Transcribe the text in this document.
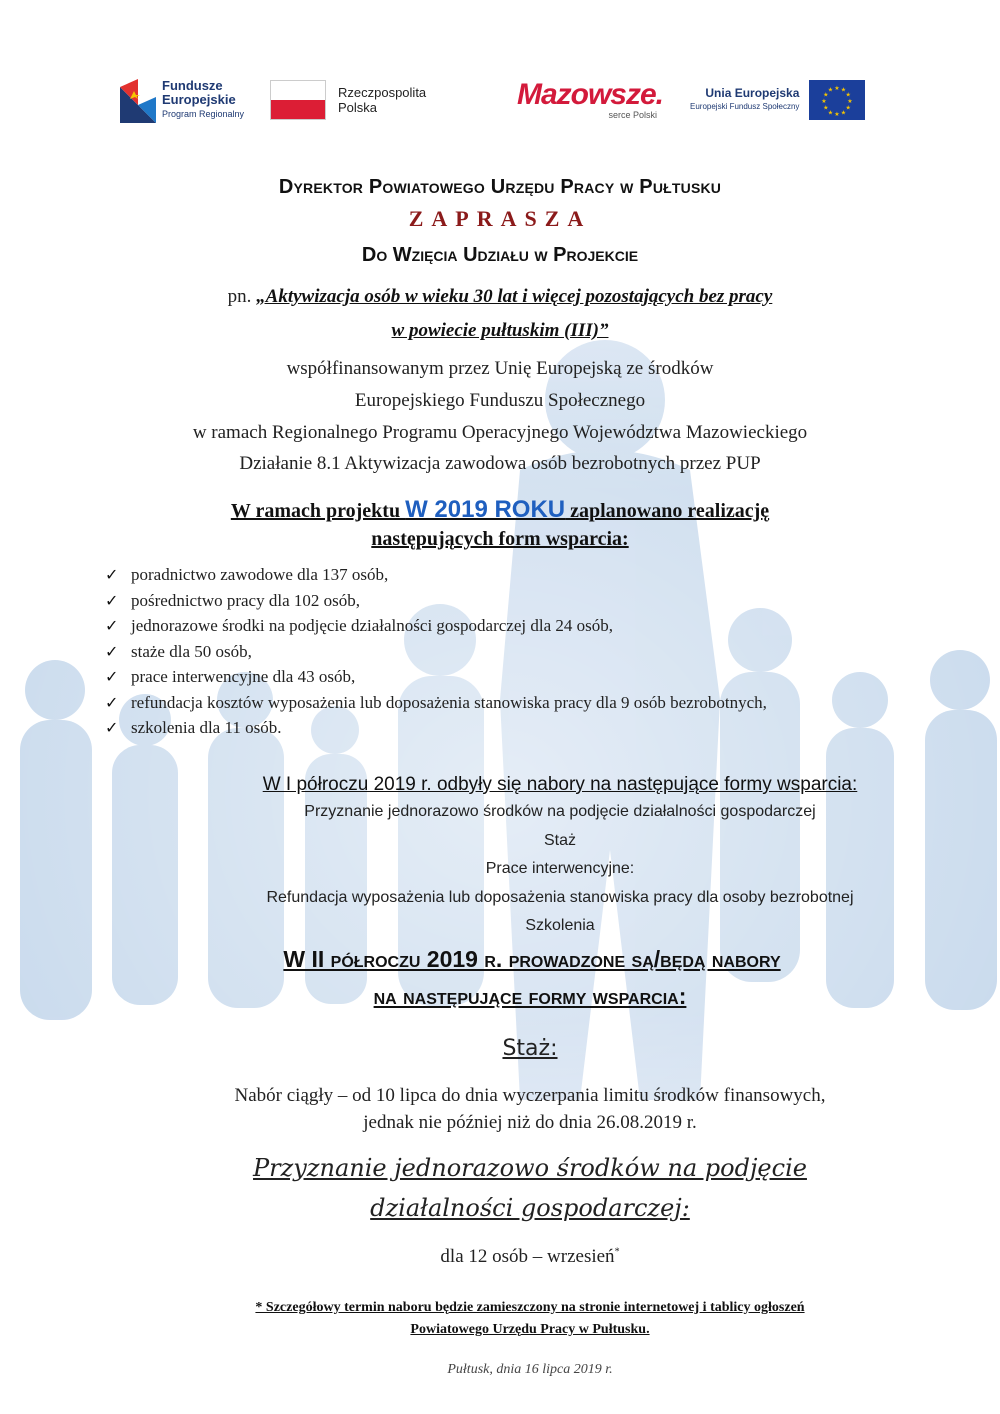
Fundusze
Europejskie
Program Regionalny
Rzeczpospolita
Polska	Mazowsze.
serce Polski
Unia Europejska
Europejski Fundusz Społeczny
★ ★
★
★
★
★
★
★
★
★
★
★
Dyrektor Powiatowego Urzędu Pracy w Pułtusku
ZAPRASZA
Do Wzięcia Udziału w Projekcie
pn. „Aktywizacja osób w wieku 30 lat i więcej pozostających bez pracy
w powiecie pułtuskim (III)”
współfinansowanym przez Unię Europejską ze środków
Europejskiego Funduszu Społecznego
w ramach Regionalnego Programu Operacyjnego Województwa Mazowieckiego
Działanie 8.1 Aktywizacja zawodowa osób bezrobotnych przez PUP
W ramach projektu W 2019 ROKU zaplanowano realizację
następujących form wsparcia:
✓ poradnictwo zawodowe dla 137 osób,
✓ pośrednictwo pracy dla 102 osób,
✓ jednorazowe środki na podjęcie działalności gospodarczej dla 24 osób,
✓ staże dla 50 osób,
✓ prace interwencyjne dla 43 osób,
✓ refundacja kosztów wyposażenia lub doposażenia stanowiska pracy dla 9 osób bezrobotnych,
✓ szkolenia dla 11 osób.
W I półroczu 2019 r. odbyły się nabory na następujące formy wsparcia:
Przyznanie jednorazowo środków na podjęcie działalności gospodarczej
Staż
Prace interwencyjne:
Refundacja wyposażenia lub doposażenia stanowiska pracy dla osoby bezrobotnej
Szkolenia
W II półroczu 2019 r. prowadzone są/będą nabory
na następujące formy wsparcia:
Staż:
Nabór ciągły – od 10 lipca do dnia wyczerpania limitu środków finansowych,
jednak nie później niż do dnia 26.08.2019 r.
Przyznanie jednorazowo środków na podjęcie
działalności gospodarczej:
dla 12 osób – wrzesień*
* Szczegółowy termin naboru będzie zamieszczony na stronie internetowej i tablicy ogłoszeń
Powiatowego Urzędu Pracy w Pułtusku.
Pułtusk, dnia 16 lipca 2019 r.
